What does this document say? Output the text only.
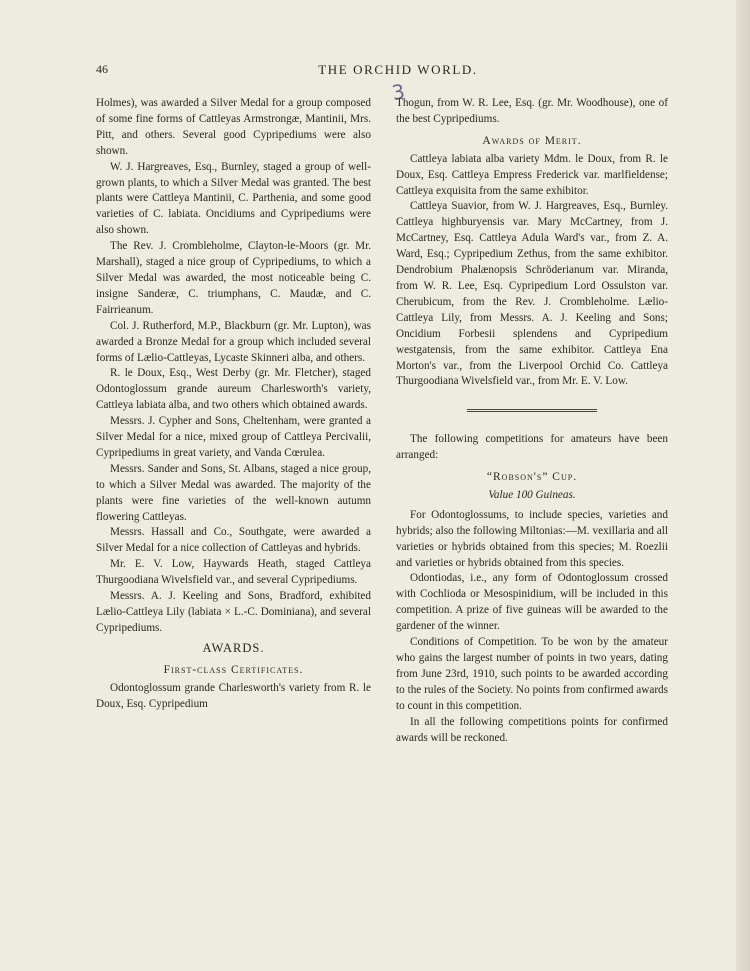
46	THE ORCHID WORLD.
3

Holmes), was awarded a Silver Medal for a group composed of some fine forms of Cattleyas Armstrongæ, Mantinii, Mrs. Pitt, and others. Several good Cypripediums were also shown.

W. J. Hargreaves, Esq., Burnley, staged a group of well-grown plants, to which a Silver Medal was granted. The best plants were Cattleya Mantinii, C. Parthenia, and some good varieties of C. labiata. Oncidiums and Cypripediums were also shown.

The Rev. J. Crombleholme, Clayton-le-Moors (gr. Mr. Marshall), staged a nice group of Cypripediums, to which a Silver Medal was awarded, the most noticeable being C. insigne Sanderæ, C. triumphans, C. Maudæ, and C. Fairrieanum.

Col. J. Rutherford, M.P., Blackburn (gr. Mr. Lupton), was awarded a Bronze Medal for a group which included several forms of Lælio-Cattleyas, Lycaste Skinneri alba, and others.

R. le Doux, Esq., West Derby (gr. Mr. Fletcher), staged Odontoglossum grande aureum Charlesworth's variety, Cattleya labiata alba, and two others which obtained awards.

Messrs. J. Cypher and Sons, Cheltenham, were granted a Silver Medal for a nice, mixed group of Cattleya Percivalii, Cypripediums in great variety, and Vanda Cœrulea.

Messrs. Sander and Sons, St. Albans, staged a nice group, to which a Silver Medal was awarded. The majority of the plants were fine varieties of the well-known autumn flowering Cattleyas.

Messrs. Hassall and Co., Southgate, were awarded a Silver Medal for a nice collection of Cattleyas and hybrids.

Mr. E. V. Low, Haywards Heath, staged Cattleya Thurgoodiana Wivelsfield var., and several Cypripediums.

Messrs. A. J. Keeling and Sons, Bradford, exhibited Lælio-Cattleya Lily (labiata × L.-C. Dominiana), and several Cypripediums.

AWARDS.

First-class Certificates.

Odontoglossum grande Charlesworth's variety from R. le Doux, Esq. Cypripedium

Thogun, from W. R. Lee, Esq. (gr. Mr. Woodhouse), one of the best Cypripediums.

Awards of Merit.

Cattleya labiata alba variety Mdm. le Doux, from R. le Doux, Esq. Cattleya Empress Frederick var. marlfieldense; Cattleya exquisita from the same exhibitor.

Cattleya Suavior, from W. J. Hargreaves, Esq., Burnley. Cattleya highburyensis var. Mary McCartney, from J. McCartney, Esq. Cattleya Adula Ward's var., from Z. A. Ward, Esq.; Cypripedium Zethus, from the same exhibitor. Dendrobium Phalænopsis Schröderianum var. Miranda, from W. R. Lee, Esq. Cypripedium Lord Ossulston var. Cherubicum, from the Rev. J. Crombleholme. Lælio-Cattleya Lily, from Messrs. A. J. Keeling and Sons; Oncidium Forbesii splendens and Cypripedium westgatensis, from the same exhibitor. Cattleya Ena Morton's var., from the Liverpool Orchid Co. Cattleya Thurgoodiana Wivelsfield var., from Mr. E. V. Low.

The following competitions for amateurs have been arranged:

“Robson's” Cup.

Value 100 Guineas.

For Odontoglossums, to include species, varieties and hybrids; also the following Miltonias:—M. vexillaria and all varieties or hybrids obtained from this species; M. Roezlii and varieties or hybrids obtained from this species.

Odontiodas, i.e., any form of Odontoglossum crossed with Cochlioda or Mesospinidium, will be included in this competition. A prize of five guineas will be awarded to the gardener of the winner.

Conditions of Competition. To be won by the amateur who gains the largest number of points in two years, dating from June 23rd, 1910, such points to be awarded according to the rules of the Society. No points from confirmed awards to count in this competition.

In all the following competitions points for confirmed awards will be reckoned.
